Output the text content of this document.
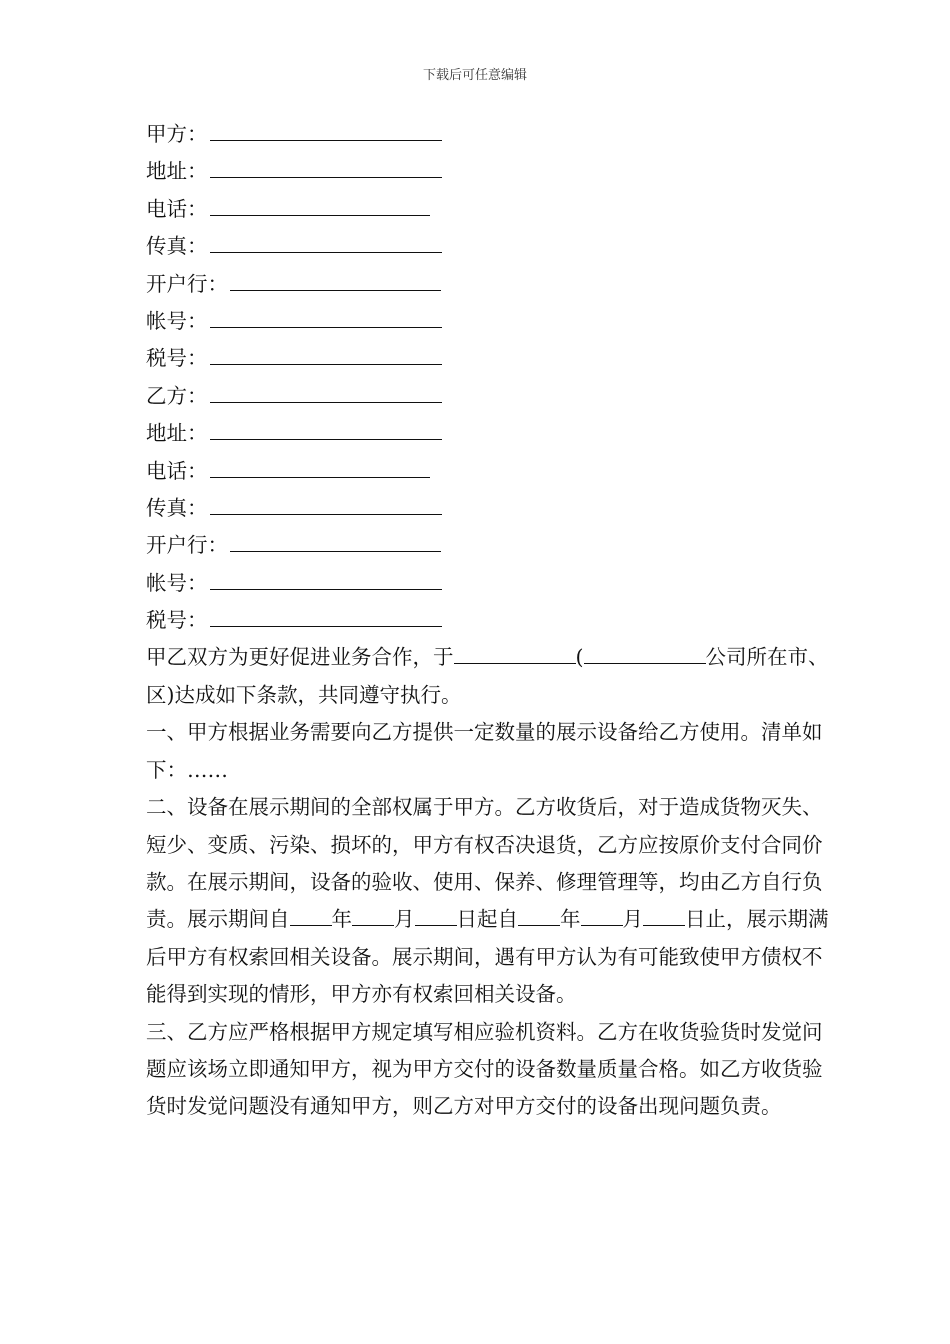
下载后可任意编辑
甲方：
地址：
电话：
传真：
开户行：
帐号：
税号：
乙方：
地址：
电话：
传真：
开户行：
帐号：
税号：

甲乙双方为更好促进业务合作，于	(	公司所在市、区)达成如下条款，共同遵守执行。

一、甲方根据业务需要向乙方提供一定数量的展示设备给乙方使用。清单如下：……

二、设备在展示期间的全部权属于甲方。乙方收货后，对于造成货物灭失、短少、变质、污染、损坏的，甲方有权否决退货，乙方应按原价支付合同价款。在展示期间，设备的验收、使用、保养、修理管理等，均由乙方自行负责。展示期间自 年 月 日起自 年 月 日止，展示期满后甲方有权索回相关设备。展示期间，遇有甲方认为有可能致使甲方债权不能得到实现的情形，甲方亦有权索回相关设备。

三、乙方应严格根据甲方规定填写相应验机资料。乙方在收货验货时发觉问题应该场立即通知甲方，视为甲方交付的设备数量质量合格。如乙方收货验货时发觉问题没有通知甲方，则乙方对甲方交付的设备出现问题负责。
